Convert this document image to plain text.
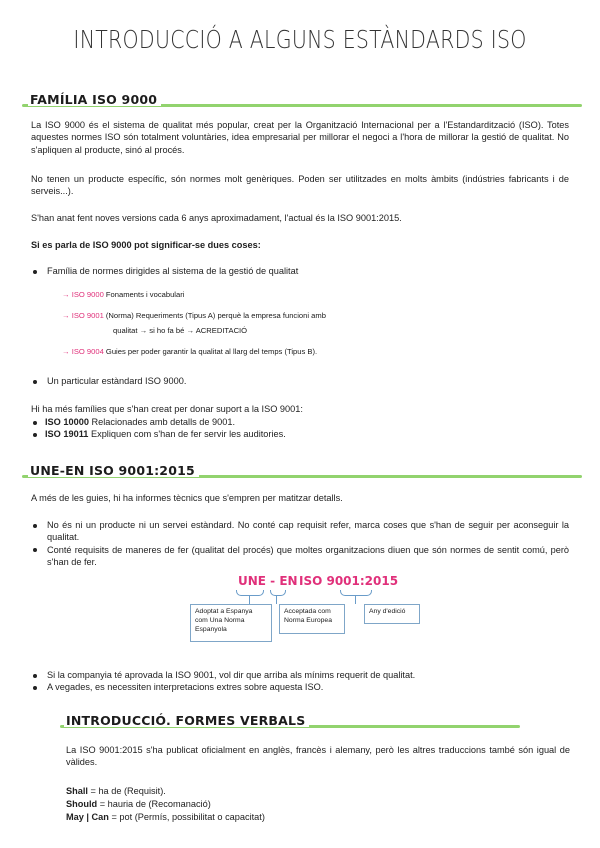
INTRODUCCIÓ A ALGUNS ESTÀNDARDS ISO
FAMÍLIA ISO 9000
La ISO 9000 és el sistema de qualitat més popular, creat per la Organització Internacional per a l'Estandardització (ISO). Totes aquestes normes ISO són totalment voluntàries, idea empresarial per millorar el negoci a l'hora de millorar la gestió de qualitat. No s'apliquen al producte, sinó al procés.
No tenen un producte específic, són normes molt genèriques. Poden ser utilitzades en molts àmbits (indústries fabricants i de serveis...).
S'han anat fent noves versions cada 6 anys aproximadament, l'actual és la ISO 9001:2015.
Si es parla de ISO 9000 pot significar-se dues coses:
Família de normes dirigides al sistema de la gestió de qualitat
→ ISO 9000 Fonaments i vocabulari
→ ISO 9001 (Norma) Requeriments (Tipus A) perquè la empresa funcioni amb
qualitat → si ho fa bé → ACREDITACIÓ
→ ISO 9004 Guies per poder garantir la qualitat al llarg del temps (Tipus B).
Un particular estàndard ISO 9000.
Hi ha més famílies que s'han creat per donar suport a la ISO 9001:
ISO 10000 Relacionades amb detalls de 9001.
ISO 19011 Expliquen com s'han de fer servir les auditories.
UNE-EN ISO 9001:2015
A més de les guies, hi ha informes tècnics que s'empren per matitzar detalls.
No és ni un producte ni un servei estàndard. No conté cap requisit refer, marca coses que s'han de seguir per aconseguir la qualitat.
Conté requisits de maneres de fer (qualitat del procés) que moltes organitzacions diuen que són normes de sentit comú, però s'han de fer.
UNE - EN ISO 9001:2015
Adoptat a Espanya com Una Norma Espanyola
Acceptada com Norma Europea
Any d'edició
Si la companyia té aprovada la ISO 9001, vol dir que arriba als mínims requerit de qualitat.
A vegades, es necessiten interpretacions extres sobre aquesta ISO.
INTRODUCCIÓ. FORMES VERBALS
La ISO 9001:2015 s'ha publicat oficialment en anglès, francès i alemany, però les altres traduccions també són igual de vàlides.
Shall = ha de (Requisit).
Should = hauria de (Recomanació)
May | Can = pot (Permís, possibilitat o capacitat)
